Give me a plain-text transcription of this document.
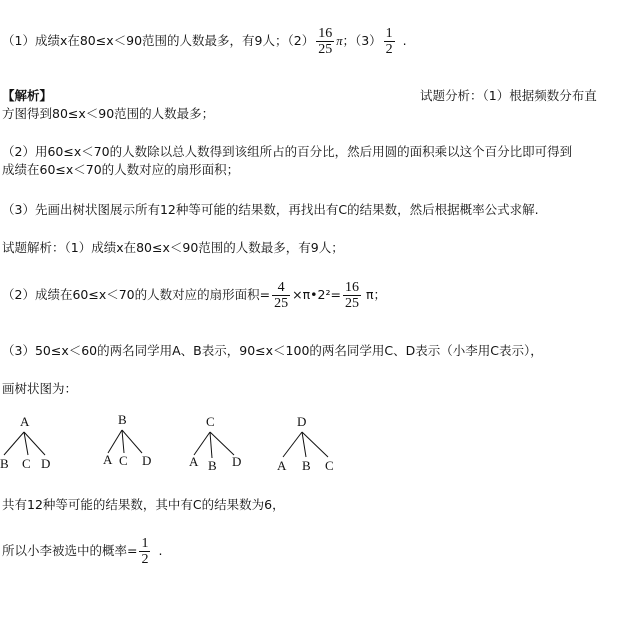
（1）成绩x在80≤x＜90范围的人数最多，有9人；$(2) \frac{16}{25}$ π；$(3) \frac{1}{2}$ .
【解析】	试题分析：（1）根据频数分布直
方图得到80≤x＜90范围的人数最多；
（2）用60≤x＜70的人数除以总人数得到该组所占的百分比，然后用圆的面积乘以这个百分比即可得到
成绩在60≤x＜70的人数对应的扇形面积；
（3）先画出树状图展示所有12种等可能的结果数，再找出有C的结果数，然后根据概率公式求解.
试题解析：（1）成绩x在80≤x＜90范围的人数最多，有9人；
（2）成绩在60≤x＜70的人数对应的扇形面积= $\frac{4}{25}$ ×π•2²= $\frac{16}{25}$ π；
（3）50≤x＜60的两名同学用A、B表示，90≤x＜100的两名同学用C、D表示（小李用C表示），
画树状图为：
A
B C D
B
A C D
C
A B D
D
A B C
共有12种等可能的结果数，其中有C的结果数为6，
所以小李被选中的概率= $\frac{1}{2}$ .
